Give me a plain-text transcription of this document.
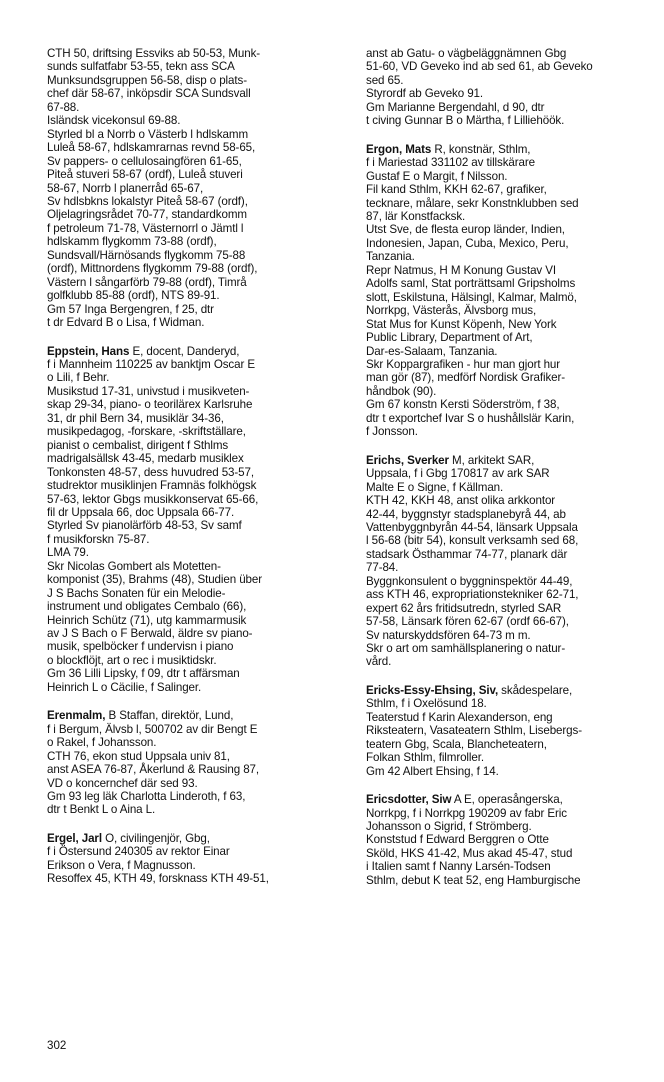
CTH 50, driftsing Essviks ab 50-53, Munk-
sunds sulfatfabr 53-55, tekn ass SCA
Munksundsgruppen 56-58, disp o plats-
chef där 58-67, inköpsdir SCA Sundsvall
67-88.
Isländsk vicekonsul 69-88.
Styrled bl a Norrb o Västerb l hdlskamm
Luleå 58-67, hdlskamrarnas revnd 58-65,
Sv pappers- o cellulosaingfören 61-65,
Piteå stuveri 58-67 (ordf), Luleå stuveri
58-67, Norrb l planerråd 65-67,
Sv hdlsbkns lokalstyr Piteå 58-67 (ordf),
Oljelagringsrådet 70-77, standardkomm
f petroleum 71-78, Västernorrl o Jämtl l
hdlskamm flygkomm 73-88 (ordf),
Sundsvall/Härnösands flygkomm 75-88
(ordf), Mittnordens flygkomm 79-88 (ordf),
Västern l sångarförb 79-88 (ordf), Timrå
golfklubb 85-88 (ordf), NTS 89-91.
Gm 57 Inga Bergengren, f 25, dtr
t dr Edvard B o Lisa, f Widman.
Eppstein, Hans E, docent, Danderyd,
f i Mannheim 110225 av banktjm Oscar E
o Lili, f Behr.
Musikstud 17-31, univstud i musikveten-
skap 29-34, piano- o teorilärex Karlsruhe
31, dr phil Bern 34, musiklär 34-36,
musikpedagog, -forskare, -skriftställare,
pianist o cembalist, dirigent f Sthlms
madrigalsällsk 43-45, medarb musiklex
Tonkonsten 48-57, dess huvudred 53-57,
studrektor musiklinjen Framnäs folkhögsk
57-63, lektor Gbgs musikkonservat 65-66,
fil dr Uppsala 66, doc Uppsala 66-77.
Styrled Sv pianolärförb 48-53, Sv samf
f musikforskn 75-87.
LMA 79.
Skr Nicolas Gombert als Motetten-
komponist (35), Brahms (48), Studien über
J S Bachs Sonaten für ein Melodie-
instrument und obligates Cembalo (66),
Heinrich Schütz (71), utg kammarmusik
av J S Bach o F Berwald, äldre sv piano-
musik, spelböcker f undervisn i piano
o blockflöjt, art o rec i musiktidskr.
Gm 36 Lilli Lipsky, f 09, dtr t affärsman
Heinrich L o Cäcilie, f Salinger.
Erenmalm, B Staffan, direktör, Lund,
f i Bergum, Älvsb l, 500702 av dir Bengt E
o Rakel, f Johansson.
CTH 76, ekon stud Uppsala univ 81,
anst ASEA 76-87, Åkerlund & Rausing 87,
VD o koncernchef där sed 93.
Gm 93 leg läk Charlotta Linderoth, f 63,
dtr t Benkt L o Aina L.
Ergel, Jarl O, civilingenjör, Gbg,
f i Östersund 240305 av rektor Einar
Erikson o Vera, f Magnusson.
Resoffex 45, KTH 49, forsknass KTH 49-51,
anst ab Gatu- o vägbeläggnämnen Gbg
51-60, VD Geveko ind ab sed 61, ab Geveko
sed 65.
Styrordf ab Geveko 91.
Gm Marianne Bergendahl, d 90, dtr
t civing Gunnar B o Märtha, f Lilliehöök.
Ergon, Mats R, konstnär, Sthlm,
f i Mariestad 331102 av tillskärare
Gustaf E o Margit, f Nilsson.
Fil kand Sthlm, KKH 62-67, grafiker,
tecknare, målare, sekr Konstnklubben sed
87, lär Konstfacksk.
Utst Sve, de flesta europ länder, Indien,
Indonesien, Japan, Cuba, Mexico, Peru,
Tanzania.
Repr Natmus, H M Konung Gustav VI
Adolfs saml, Stat porträttsaml Gripsholms
slott, Eskilstuna, Hälsingl, Kalmar, Malmö,
Norrkpg, Västerås, Älvsborg mus,
Stat Mus for Kunst Köpenh, New York
Public Library, Department of Art,
Dar-es-Salaam, Tanzania.
Skr Koppargrafiken - hur man gjort hur
man gör (87), medförf Nordisk Grafiker-
håndbok (90).
Gm 67 konstn Kersti Söderström, f 38,
dtr t exportchef Ivar S o hushållslär Karin,
f Jonsson.
Erichs, Sverker M, arkitekt SAR,
Uppsala, f i Gbg 170817 av ark SAR
Malte E o Signe, f Källman.
KTH 42, KKH 48, anst olika arkkontor
42-44, byggnstyr stadsplanebyrå 44, ab
Vattenbyggnbyrån 44-54, länsark Uppsala
l 56-68 (bitr 54), konsult verksamh sed 68,
stadsark Östhammar 74-77, planark där
77-84.
Byggnkonsulent o byggninspektör 44-49,
ass KTH 46, expropriationstekniker 62-71,
expert 62 års fritidsutredn, styrled SAR
57-58, Länsark fören 62-67 (ordf 66-67),
Sv naturskyddsfören 64-73 m m.
Skr o art om samhällsplanering o natur-
vård.
Ericks-Essy-Ehsing, Siv, skådespelare,
Sthlm, f i Oxelösund 18.
Teaterstud f Karin Alexanderson, eng
Riksteatern, Vasateatern Sthlm, Lisebergs-
teatern Gbg, Scala, Blancheteatern,
Folkan Sthlm, filmroller.
Gm 42 Albert Ehsing, f 14.
Ericsdotter, Siw A E, operasångerska,
Norrkpg, f i Norrkpg 190209 av fabr Eric
Johansson o Sigrid, f Strömberg.
Konststud f Edward Berggren o Otte
Sköld, HKS 41-42, Mus akad 45-47, stud
i Italien samt f Nanny Larsén-Todsen
Sthlm, debut K teat 52, eng Hamburgische
302
